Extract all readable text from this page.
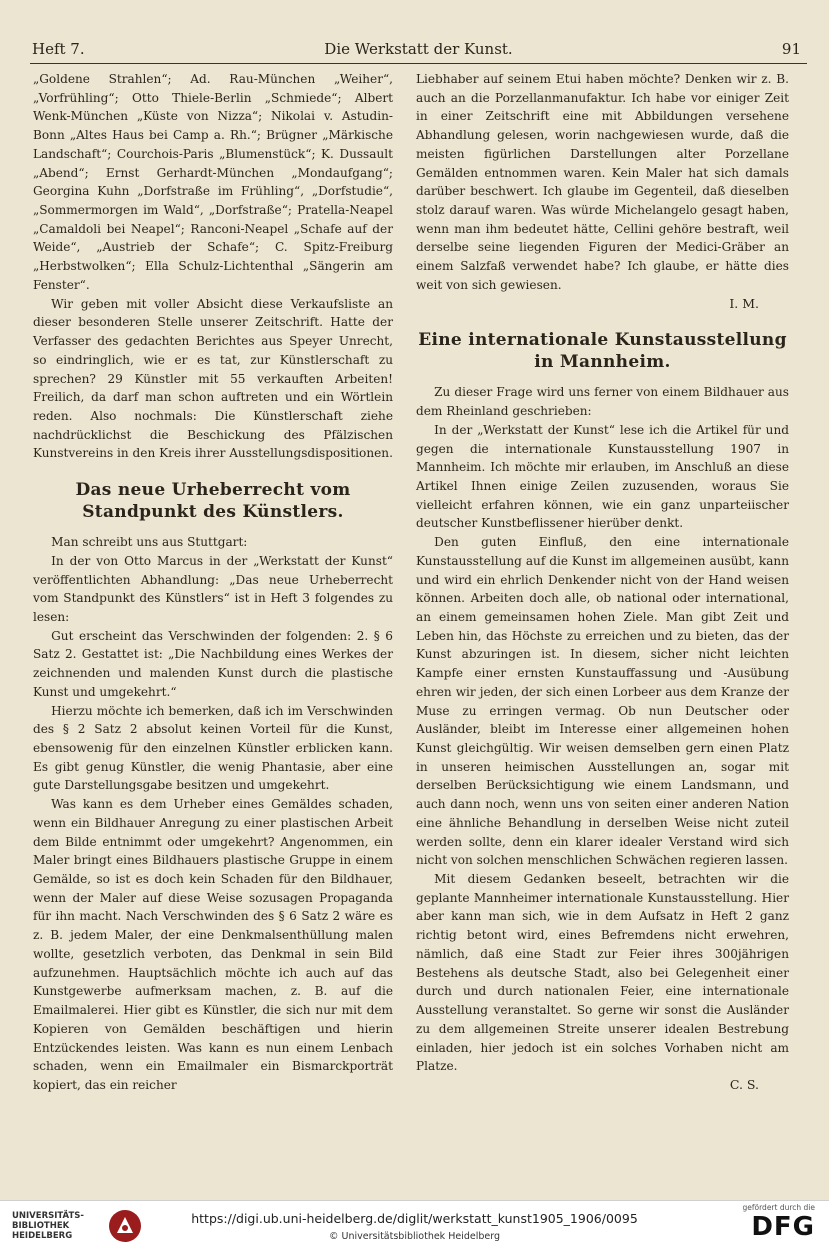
Heft 7.	Die Werkstatt der Kunst.	91

„Goldene Strahlen“; Ad. Rau-München „Weiher“, „Vorfrühling“; Otto Thiele-Berlin „Schmiede“; Albert Wenk-München „Küste von Nizza“; Nikolai v. Astudin-Bonn „Altes Haus bei Camp a. Rh.“; Brügner „Märkische Landschaft“; Courchois-Paris „Blumenstück“; K. Dussault „Abend“; Ernst Gerhardt-München „Mondaufgang“; Georgina Kuhn „Dorfstraße im Frühling“, „Dorfstudie“, „Sommermorgen im Wald“, „Dorfstraße“; Pratella-Neapel „Camaldoli bei Neapel“; Ranconi-Neapel „Schafe auf der Weide“, „Austrieb der Schafe“; C. Spitz-Freiburg „Herbstwolken“; Ella Schulz-Lichtenthal „Sängerin am Fenster“.

Wir geben mit voller Absicht diese Verkaufsliste an dieser besonderen Stelle unserer Zeitschrift. Hatte der Verfasser des gedachten Berichtes aus Speyer Unrecht, so eindringlich, wie er es tat, zur Künstlerschaft zu sprechen? 29 Künstler mit 55 verkauften Arbeiten! Freilich, da darf man schon auftreten und ein Wörtlein reden. Also nochmals: Die Künstlerschaft ziehe nachdrücklichst die Beschickung des Pfälzischen Kunstvereins in den Kreis ihrer Ausstellungsdispositionen.

Das neue Urheberrecht vom Standpunkt des Künstlers.

Man schreibt uns aus Stuttgart:

In der von Otto Marcus in der „Werkstatt der Kunst“ veröffentlichten Abhandlung: „Das neue Urheberrecht vom Standpunkt des Künstlers“ ist in Heft 3 folgendes zu lesen:

Gut erscheint das Verschwinden der folgenden: 2. § 6 Satz 2. Gestattet ist: „Die Nachbildung eines Werkes der zeichnenden und malenden Kunst durch die plastische Kunst und umgekehrt.“

Hierzu möchte ich bemerken, daß ich im Verschwinden des § 2 Satz 2 absolut keinen Vorteil für die Kunst, ebensowenig für den einzelnen Künstler erblicken kann. Es gibt genug Künstler, die wenig Phantasie, aber eine gute Darstellungsgabe besitzen und umgekehrt.

Was kann es dem Urheber eines Gemäldes schaden, wenn ein Bildhauer Anregung zu einer plastischen Arbeit dem Bilde entnimmt oder umgekehrt? Angenommen, ein Maler bringt eines Bildhauers plastische Gruppe in einem Gemälde, so ist es doch kein Schaden für den Bildhauer, wenn der Maler auf diese Weise sozusagen Propaganda für ihn macht. Nach Verschwinden des § 6 Satz 2 wäre es z. B. jedem Maler, der eine Denkmalsenthüllung malen wollte, gesetzlich verboten, das Denkmal in sein Bild aufzunehmen. Hauptsächlich möchte ich auch auf das Kunstgewerbe aufmerksam machen, z. B. auf die Emailmalerei. Hier gibt es Künstler, die sich nur mit dem Kopieren von Gemälden beschäftigen und hierin Entzückendes leisten. Was kann es nun einem Lenbach schaden, wenn ein Emailmaler ein Bismarckporträt kopiert, das ein reicher

Liebhaber auf seinem Etui haben möchte? Denken wir z. B. auch an die Porzellanmanufaktur. Ich habe vor einiger Zeit in einer Zeitschrift eine mit Abbildungen versehene Abhandlung gelesen, worin nachgewiesen wurde, daß die meisten figürlichen Darstellungen alter Porzellane Gemälden entnommen waren. Kein Maler hat sich damals darüber beschwert. Ich glaube im Gegenteil, daß dieselben stolz darauf waren. Was würde Michelangelo gesagt haben, wenn man ihm bedeutet hätte, Cellini gehöre bestraft, weil derselbe seine liegenden Figuren der Medici-Gräber an einem Salzfaß verwendet habe? Ich glaube, er hätte dies weit von sich gewiesen.

I. M.
Eine internationale Kunstausstellung in Mannheim.

Zu dieser Frage wird uns ferner von einem Bildhauer aus dem Rheinland geschrieben:

In der „Werkstatt der Kunst“ lese ich die Artikel für und gegen die internationale Kunstausstellung 1907 in Mannheim. Ich möchte mir erlauben, im Anschluß an diese Artikel Ihnen einige Zeilen zuzusenden, woraus Sie vielleicht erfahren können, wie ein ganz unparteiischer deutscher Kunstbeflissener hierüber denkt.

Den guten Einfluß, den eine internationale Kunstausstellung auf die Kunst im allgemeinen ausübt, kann und wird ein ehrlich Denkender nicht von der Hand weisen können. Arbeiten doch alle, ob national oder international, an einem gemeinsamen hohen Ziele. Man gibt Zeit und Leben hin, das Höchste zu erreichen und zu bieten, das der Kunst abzuringen ist. In diesem, sicher nicht leichten Kampfe einer ernsten Kunstauffassung und -Ausübung ehren wir jeden, der sich einen Lorbeer aus dem Kranze der Muse zu erringen vermag. Ob nun Deutscher oder Ausländer, bleibt im Interesse einer allgemeinen hohen Kunst gleichgültig. Wir weisen demselben gern einen Platz in unseren heimischen Ausstellungen an, sogar mit derselben Berücksichtigung wie einem Landsmann, und auch dann noch, wenn uns von seiten einer anderen Nation eine ähnliche Behandlung in derselben Weise nicht zuteil werden sollte, denn ein klarer idealer Verstand wird sich nicht von solchen menschlichen Schwächen regieren lassen.

Mit diesem Gedanken beseelt, betrachten wir die geplante Mannheimer internationale Kunstausstellung. Hier aber kann man sich, wie in dem Aufsatz in Heft 2 ganz richtig betont wird, eines Befremdens nicht erwehren, nämlich, daß eine Stadt zur Feier ihres 300jährigen Bestehens als deutsche Stadt, also bei Gelegenheit einer durch und durch nationalen Feier, eine internationale Ausstellung veranstaltet. So gerne wir sonst die Ausländer zu dem allgemeinen Streite unserer idealen Bestrebung einladen, hier jedoch ist ein solches Vorhaben nicht am Platze.

C. S.
UNIVERSITÄTS-
BIBLIOTHEK
HEIDELBERG
https://digi.ub.uni-heidelberg.de/diglit/werkstatt_kunst1905_1906/0095
© Universitätsbibliothek Heidelberg
gefördert durch die
DFG
